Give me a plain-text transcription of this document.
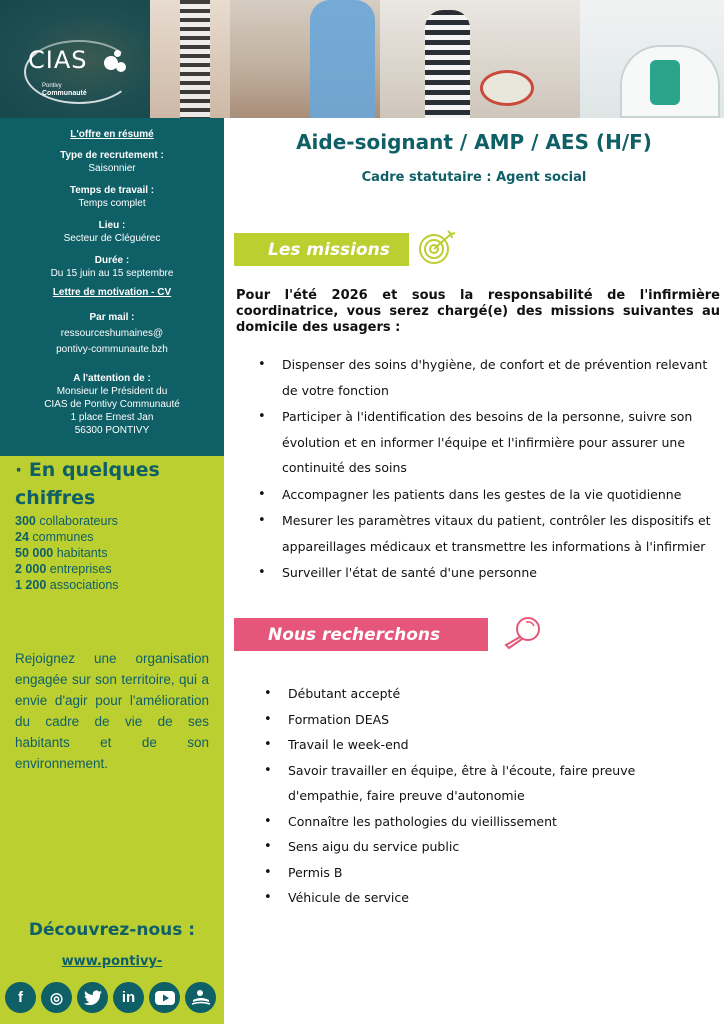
CIAS
Pontivy
Communauté
L'offre en résumé
Type de recrutement :
Saisonnier
Temps de travail :
Temps complet
Lieu :
Secteur de Cléguérec
Durée :
Du 15 juin au 15 septembre
Lettre de motivation - CV
Par mail :
ressourceshumaines@
pontivy-communaute.bzh
A l'attention de :
Monsieur le Président du
CIAS de Pontivy Communauté
1 place Ernest Jan
56300 PONTIVY
· En quelques
chiffres
300 collaborateurs
24 communes
50 000 habitants
2 000 entreprises
1 200 associations
Rejoignez une organisation engagée sur son territoire, qui a envie d'agir pour l'amélioration du cadre de vie de ses habitants et de son environnement.
Découvrez-nous :
www.pontivy-
f	◎	in
Aide-soignant / AMP / AES (H/F)
Cadre statutaire : Agent social
Les missions
Pour l'été 2026 et sous la responsabilité de l'infirmière coordinatrice, vous serez chargé(e) des missions suivantes au domicile des usagers :
• Dispenser des soins d'hygiène, de confort et de prévention relevant de votre fonction
• Participer à l'identification des besoins de la personne, suivre son évolution et en informer l'équipe et l'infirmière pour assurer une continuité des soins
• Accompagner les patients dans les gestes de la vie quotidienne
• Mesurer les paramètres vitaux du patient, contrôler les dispositifs et appareillages médicaux et transmettre les informations à l'infirmier
• Surveiller l'état de santé d'une personne
Nous recherchons
• Débutant accepté
• Formation DEAS
• Travail le week-end
• Savoir travailler en équipe, être à l'écoute, faire preuve d'empathie, faire preuve d'autonomie
• Connaître les pathologies du vieillissement
• Sens aigu du service public
• Permis B
• Véhicule de service
